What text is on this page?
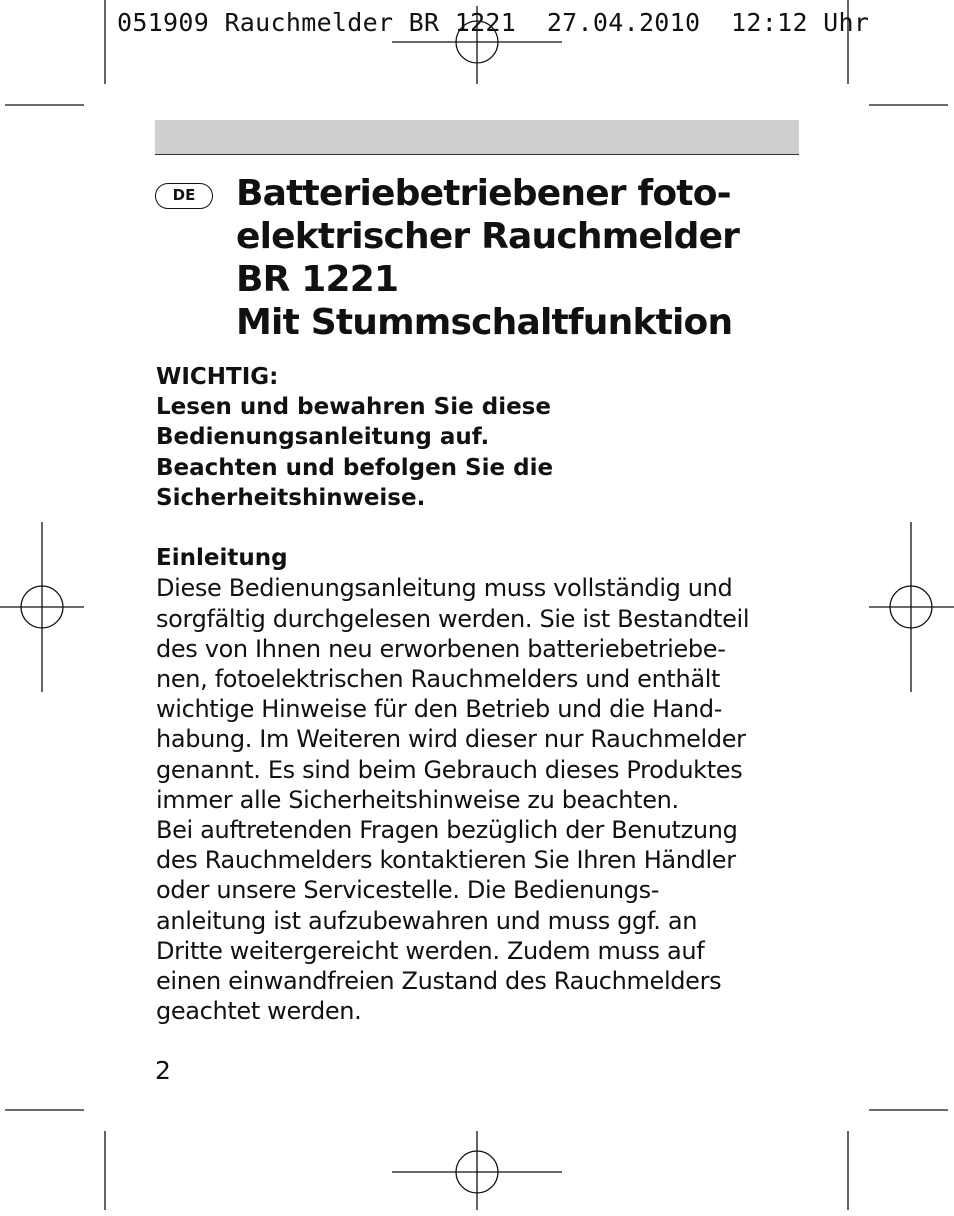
051909 Rauchmelder BR 1221  27.04.2010  12:12 Uhr
DE	Batteriebetriebener foto-
elektrischer Rauchmelder
BR 1221
Mit Stummschaltfunktion
WICHTIG:
Lesen und bewahren Sie diese
Bedienungsanleitung auf.
Beachten und befolgen Sie die
Sicherheitshinweise.
Einleitung
Diese Bedienungsanleitung muss vollständig und
sorgfältig durchgelesen werden. Sie ist Bestandteil
des von Ihnen neu erworbenen batteriebetriebe-
nen, fotoelektrischen Rauchmelders und enthält
wichtige Hinweise für den Betrieb und die Hand-
habung. Im Weiteren wird dieser nur Rauchmelder
genannt. Es sind beim Gebrauch dieses Produktes
immer alle Sicherheitshinweise zu beachten.
Bei auftretenden Fragen bezüglich der Benutzung
des Rauchmelders kontaktieren Sie Ihren Händler
oder unsere Servicestelle. Die Bedienungs-
anleitung ist aufzubewahren und muss ggf. an
Dritte weitergereicht werden. Zudem muss auf
einen einwandfreien Zustand des Rauchmelders
geachtet werden.
2
